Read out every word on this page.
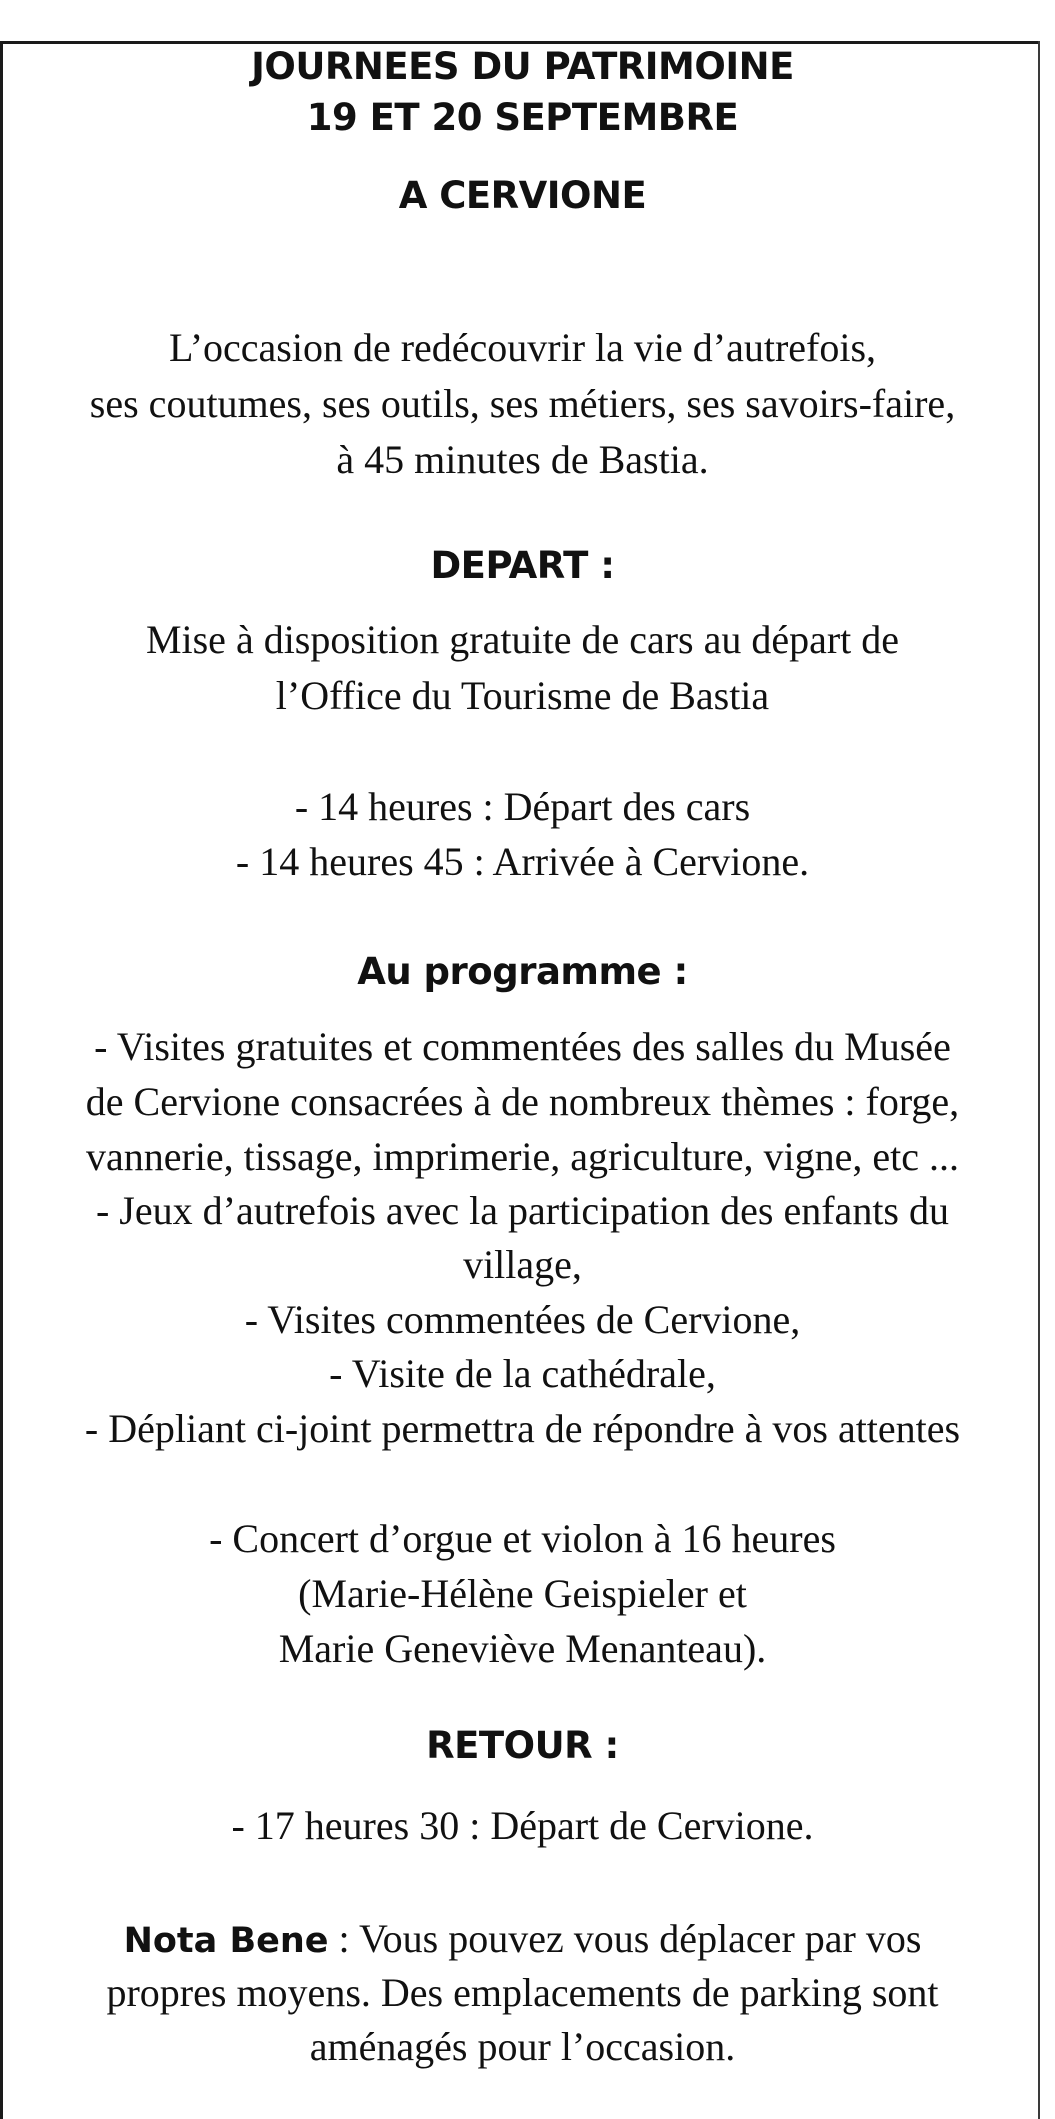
JOURNEES DU PATRIMOINE
19 ET 20 SEPTEMBRE
A CERVIONE
L’occasion de redécouvrir la vie d’autrefois,
ses coutumes, ses outils, ses métiers, ses savoirs-faire,
à 45 minutes de Bastia.
DEPART :
Mise à disposition gratuite de cars au départ de
l’Office du Tourisme de Bastia
- 14 heures : Départ des cars
- 14 heures 45 : Arrivée à Cervione.
Au programme :
- Visites gratuites et commentées des salles du Musée
de Cervione consacrées à de nombreux thèmes : forge,
vannerie, tissage, imprimerie, agriculture, vigne, etc ...
- Jeux d’autrefois avec la participation des enfants du
village,
- Visites commentées de Cervione,
- Visite de la cathédrale,
- Dépliant ci-joint permettra de répondre à vos attentes
- Concert d’orgue et violon à 16 heures
(Marie-Hélène Geispieler et
Marie Geneviève Menanteau).
RETOUR :
- 17 heures 30 : Départ de Cervione.
Nota Bene : Vous pouvez vous déplacer par vos
propres moyens. Des emplacements de parking sont
aménagés pour l’occasion.
